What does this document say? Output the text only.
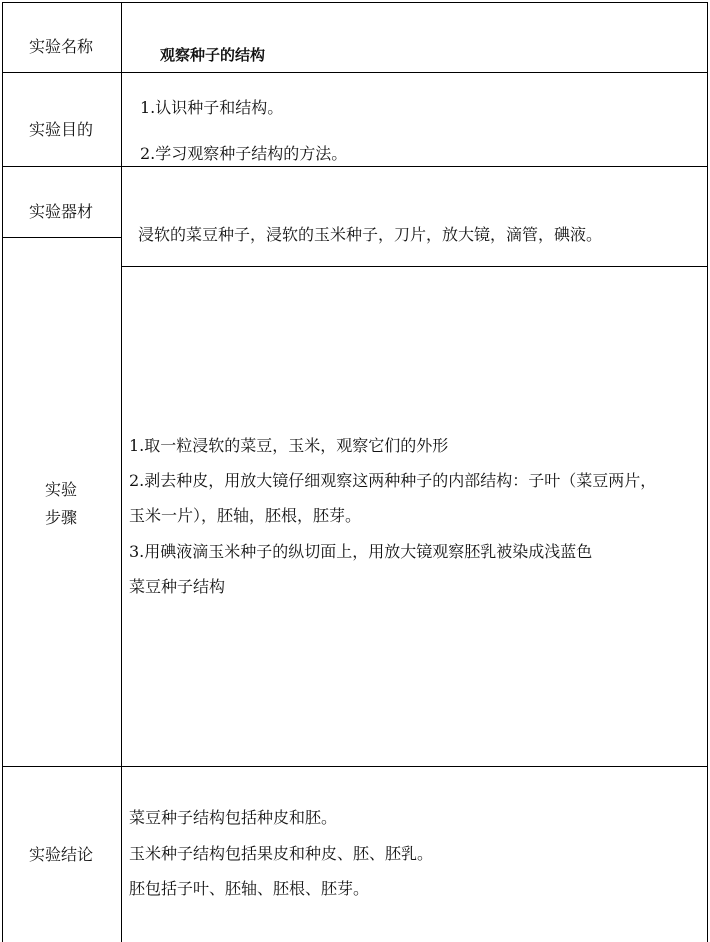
实验名称	观察种子的结构
实验目的
1.认识种子和结构。
2.学习观察种子结构的方法。
实验器材
浸软的菜豆种子，浸软的玉米种子，刀片，放大镜，滴管，碘液。
实验
步骤
1.取一粒浸软的菜豆，玉米，观察它们的外形
2.剥去种皮，用放大镜仔细观察这两种种子的内部结构：子叶（菜豆两片，
玉米一片），胚轴，胚根，胚芽。
3.用碘液滴玉米种子的纵切面上，用放大镜观察胚乳被染成浅蓝色
菜豆种子结构
实验结论
菜豆种子结构包括种皮和胚。
玉米种子结构包括果皮和种皮、胚、胚乳。
胚包括子叶、胚轴、胚根、胚芽。
